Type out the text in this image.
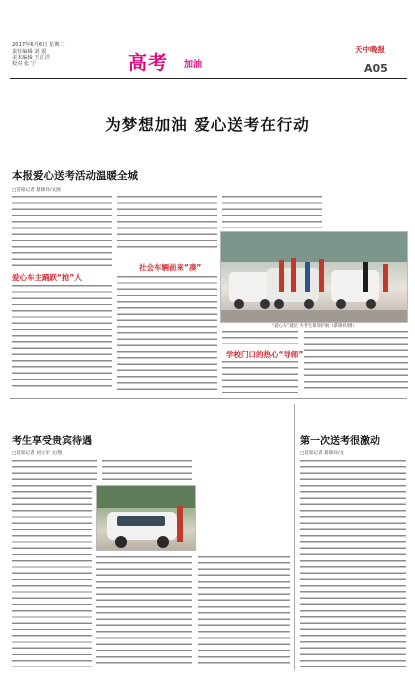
2017年6月6日 星期二
责任编辑 刘 震
美术编辑 王江洋
校对 张 宁	高考 加油
天中晚报
A05
为梦想加油 爱心送考在行动
本报爱心送考活动温暖全城
□首席记者 蔡锦祥/文图
爱心车主踊跃“抢”人
社会车辆前来“凑”
“爱心车”就位 为考生保驾护航（蔡锦祥/摄）
学校门口的热心“导师”
考生享受贵宾待遇
□首席记者 刘立军 文/图
第一次送考很激动
□首席记者 蔡锦祥/文
